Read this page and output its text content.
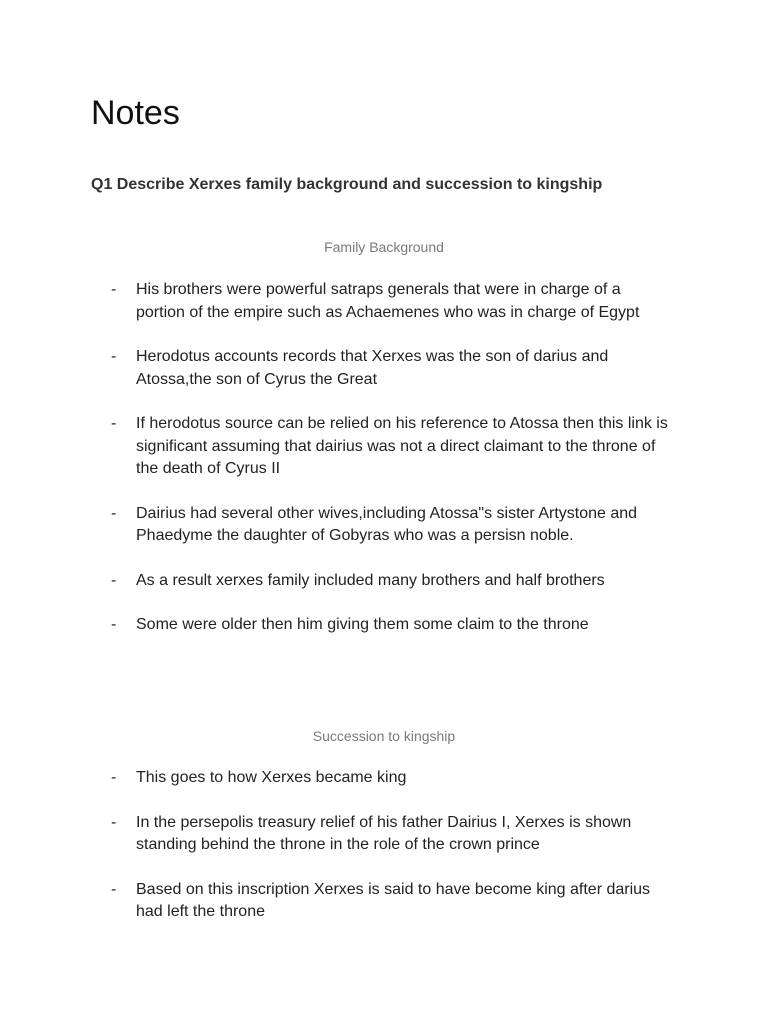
Notes
Q1 Describe Xerxes family background and succession to kingship
Family Background
-	His brothers were powerful satraps generals that were in charge of a portion of the empire such as Achaemenes who was in charge of Egypt
-	Herodotus accounts records that Xerxes was the son of darius and Atossa,the son of Cyrus the Great
-	If herodotus source can be relied on his reference to Atossa then this link is significant assuming that dairius was not a direct claimant to the throne of the death of Cyrus II
-	Dairius had several other wives,including Atossa"s sister Artystone and Phaedyme the daughter of Gobyras who was a persisn noble.
-	As a result xerxes family included many brothers and half brothers
-	Some were older then him giving them some claim to the throne
Succession to kingship
-	This goes to how Xerxes became king
-	In the persepolis treasury relief of his father Dairius I, Xerxes is shown standing behind the throne in the role of the crown prince
-	Based on this inscription Xerxes is said to have become king after darius had left the throne
